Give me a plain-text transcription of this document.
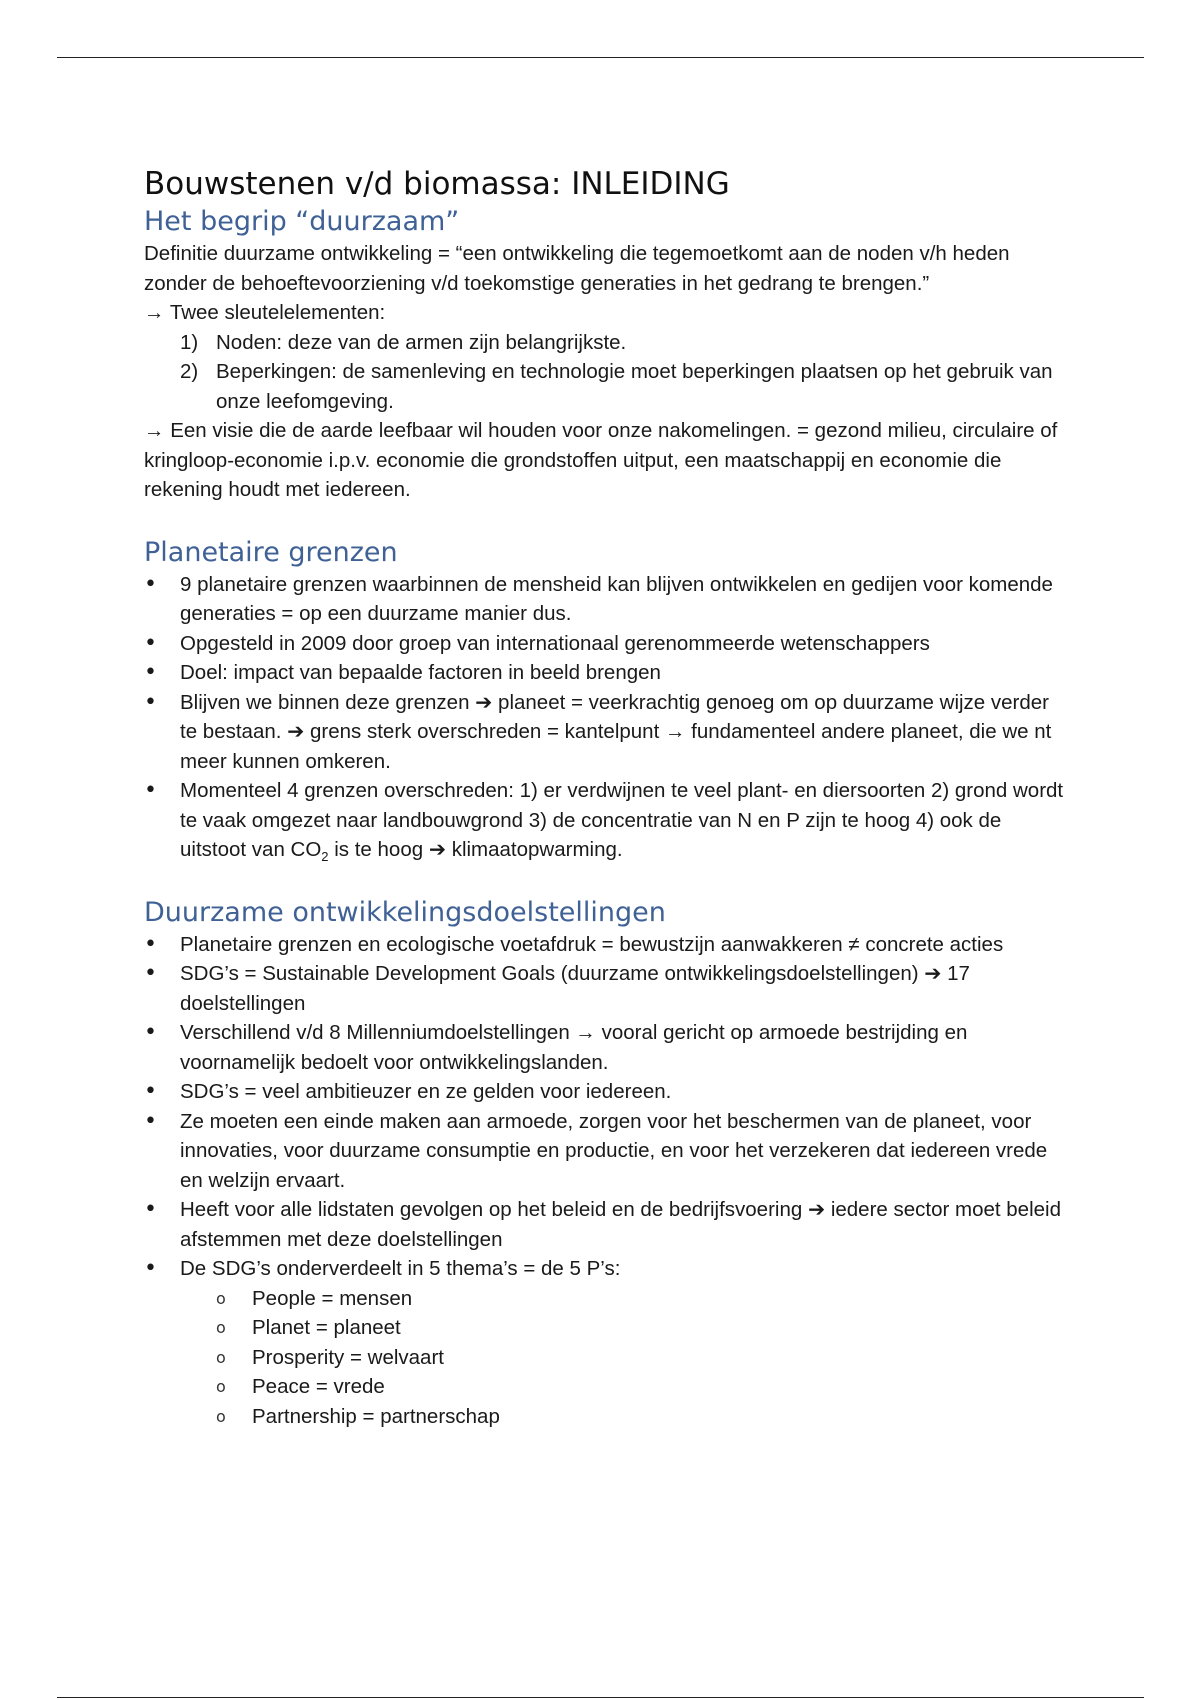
Bouwstenen v/d biomassa: INLEIDING
Het begrip “duurzaam”

Definitie duurzame ontwikkeling = “een ontwikkeling die tegemoetkomt aan de noden v/h heden zonder de behoeftevoorziening v/d toekomstige generaties in het gedrang te brengen.”

→ Twee sleutelelementen:

1) Noden: deze van de armen zijn belangrijkste.
2) Beperkingen: de samenleving en technologie moet beperkingen plaatsen op het gebruik van onze leefomgeving.

→ Een visie die de aarde leefbaar wil houden voor onze nakomelingen. = gezond milieu, circulaire of kringloop-economie i.p.v. economie die grondstoffen uitput, een maatschappij en economie die rekening houdt met iedereen.

Planetaire grenzen
• 9 planetaire grenzen waarbinnen de mensheid kan blijven ontwikkelen en gedijen voor komende generaties = op een duurzame manier dus.
• Opgesteld in 2009 door groep van internationaal gerenommeerde wetenschappers
• Doel: impact van bepaalde factoren in beeld brengen
• Blijven we binnen deze grenzen ➔ planeet = veerkrachtig genoeg om op duurzame wijze verder te bestaan. ➔ grens sterk overschreden = kantelpunt → fundamenteel andere planeet, die we nt meer kunnen omkeren.
• Momenteel 4 grenzen overschreden: 1) er verdwijnen te veel plant- en diersoorten 2) grond wordt te vaak omgezet naar landbouwgrond 3) de concentratie van N en P zijn te hoog 4) ook de uitstoot van $CO_2$ is te hoog ➔ klimaatopwarming.
Duurzame ontwikkelingsdoelstellingen
• Planetaire grenzen en ecologische voetafdruk = bewustzijn aanwakkeren ≠ concrete acties
• SDG’s = Sustainable Development Goals (duurzame ontwikkelingsdoelstellingen) ➔ 17 doelstellingen
• Verschillend v/d 8 Millenniumdoelstellingen → vooral gericht op armoede bestrijding en voornamelijk bedoelt voor ontwikkelingslanden.
• SDG’s = veel ambitieuzer en ze gelden voor iedereen.
• Ze moeten een einde maken aan armoede, zorgen voor het beschermen van de planeet, voor innovaties, voor duurzame consumptie en productie, en voor het verzekeren dat iedereen vrede en welzijn ervaart.
• Heeft voor alle lidstaten gevolgen op het beleid en de bedrijfsvoering ➔ iedere sector moet beleid afstemmen met deze doelstellingen
• De SDG’s onderverdeelt in 5 thema’s = de 5 P’s:
o People = mensen
o Planet = planeet
o Prosperity = welvaart
o Peace = vrede
o Partnership = partnerschap
